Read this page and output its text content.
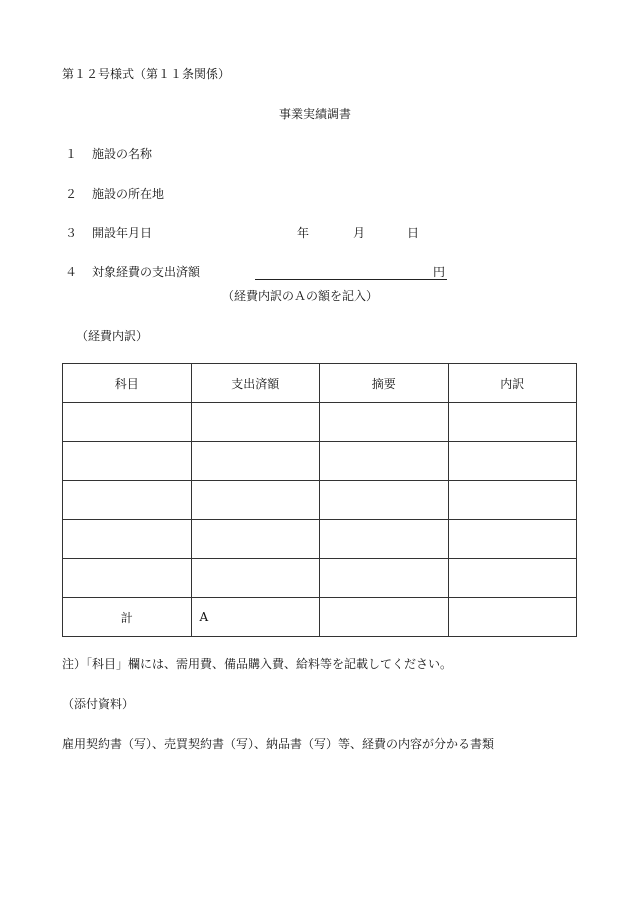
第１２号様式（第１１条関係）
事業実績調書
１ 施設の名称
２ 施設の所在地
３ 開設年月日	年	月	日
４ 対象経費の支出済額	円
（経費内訳のＡの額を記入）
（経費内訳）
科目	支出済額	摘要	内訳

計	A		
注）「科目」欄には、需用費、備品購入費、給料等を記載してください。
（添付資料）
雇用契約書（写）、売買契約書（写）、納品書（写）等、経費の内容が分かる書類
